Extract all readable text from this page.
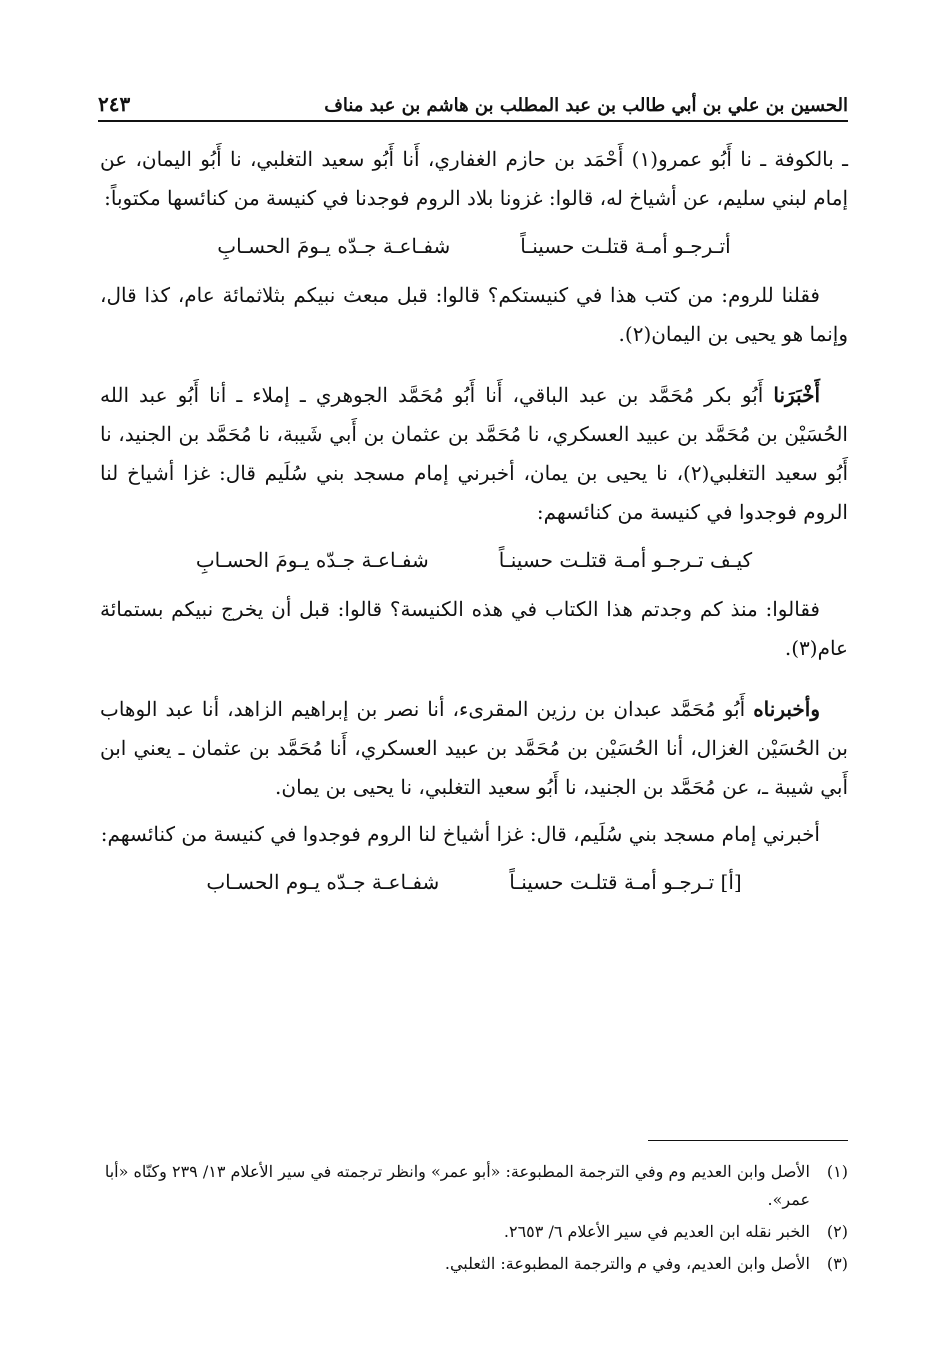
الحسين بن علي بن أبي طالب بن عبد المطلب بن هاشم بن عبد مناف
٢٤٣

ـ بالكوفة ـ نا أَبُو عمرو(١) أَحْمَد بن حازم الغفاري، أَنا أَبُو سعيد التغلبي، نا أَبُو اليمان، عن إمام لبني سليم، عن أشياخ له، قالوا: غزونا بلاد الروم فوجدنا في كنيسة من كنائسها مكتوباً:

أتـرجـو أمـة قتلـت حسينـاً
شفـاعـة جـدّه يـومَ الحسـابِ

فقلنا للروم: من كتب هذا في كنيستكم؟ قالوا: قبل مبعث نبيكم بثلاثمائة عام، كذا قال، وإنما هو يحيى بن اليمان(٢).

أَخْبَرَنا أَبُو بكر مُحَمَّد بن عبد الباقي، أَنا أَبُو مُحَمَّد الجوهري ـ إملاء ـ أنا أَبُو عبد الله الحُسَيْن بن مُحَمَّد بن عبيد العسكري، نا مُحَمَّد بن عثمان بن أَبي شَيبة، نا مُحَمَّد بن الجنيد، نا أَبُو سعيد التغلبي(٢)، نا يحيى بن يمان، أخبرني إمام مسجد بني سُلَيم قال: غزا أشياخ لنا الروم فوجدوا في كنيسة من كنائسهم:

كيـف تـرجـو أمـة قتلـت حسينـاً
شفـاعـة جـدّه يـومَ الحسـابِ

فقالوا: منذ كم وجدتم هذا الكتاب في هذه الكنيسة؟ قالوا: قبل أن يخرج نبيكم بستمائة عام(٣).

وأخبرناه أَبُو مُحَمَّد عبدان بن رزين المقرىء، أنا نصر بن إبراهيم الزاهد، أنا عبد الوهاب بن الحُسَيْن الغزال، أنا الحُسَيْن بن مُحَمَّد بن عبيد العسكري، أَنا مُحَمَّد بن عثمان ـ يعني ابن أَبي شيبة ـ، عن مُحَمَّد بن الجنيد، نا أَبُو سعيد التغلبي، نا يحيى بن يمان.

أخبرني إمام مسجد بني سُلَيم، قال: غزا أشياخ لنا الروم فوجدوا في كنيسة من كنائسهم:

[أ] تـرجـو أمـة قتلـت حسينـاً
شفـاعـة جـدّه يـوم الحسـاب
(١)
الأصل وابن العديم وم وفي الترجمة المطبوعة: «أبو عمر» وانظر ترجمته في سير الأعلام ١٣/ ٢٣٩ وكنّاه «أبا عمر».
(٢)
الخبر نقله ابن العديم في سير الأعلام ٦/ ٢٦٥٣.
(٣)
الأصل وابن العديم، وفي م والترجمة المطبوعة: الثعلبي.
